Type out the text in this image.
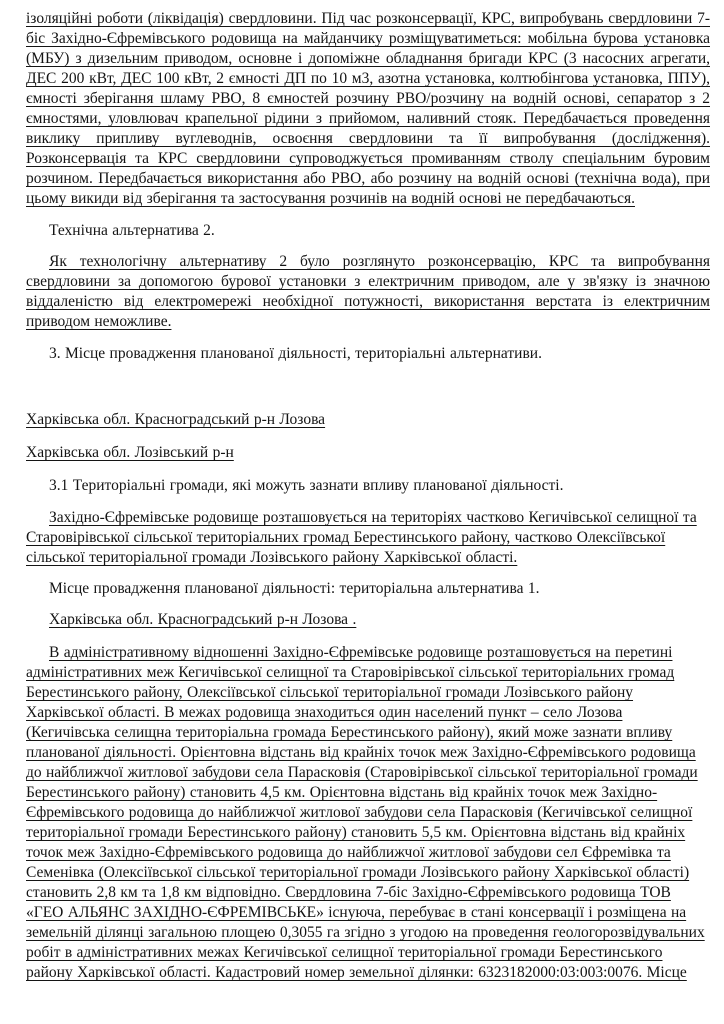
ізоляційні роботи (ліквідація) свердловини. Під час розконсервації, КРС, випробувань свердловини 7-біс Західно-Єфремівського родовища на майданчику розміщуватиметься: мобільна бурова установка (МБУ) з дизельним приводом, основне і допоміжне обладнання бригади КРС (3 насосних агрегати, ДЕС 200 кВт, ДЕС 100 кВт, 2 ємності ДП по 10 м3, азотна установка, колтюбінгова установка, ППУ), ємності зберігання шламу РВО, 8 ємностей розчину РВО/розчину на водній основі, сепаратор з 2 ємностями, уловлювач крапельної рідини з прийомом, наливний стояк. Передбачається проведення виклику припливу вуглеводнів, освоєння свердловини та її випробування (дослідження). Розконсервація та КРС свердловини супроводжується промиванням стволу спеціальним буровим розчином. Передбачається використання або РВО, або розчину на водній основі (технічна вода), при цьому викиди від зберігання та застосування розчинів на водній основі не передбачаються.

Технічна альтернатива 2.

Як технологічну альтернативу 2 було розглянуто розконсервацію, КРС та випробування свердловини за допомогою бурової установки з електричним приводом, але у зв'язку із значною віддаленістю від електромережі необхідної потужності, використання верстата із електричним приводом неможливе.

3. Місце провадження планованої діяльності, територіальні альтернативи.

Харківська обл. Красноградський р-н Лозова

Харківська обл. Лозівський р-н

3.1 Територіальні громади, які можуть зазнати впливу планованої діяльності.

Західно-Єфремівське родовище розташовується на територіях частково Кегичівської селищної та Старовірівської сільської територіальних громад Берестинського району, частково Олексіївської сільської територіальної громади Лозівського району Харківської області.

Місце провадження планованої діяльності: територіальна альтернатива 1.

Харківська обл. Красноградський р-н Лозова .

В адміністративному відношенні Західно-Єфремівське родовище розташовується на перетині адміністративних меж Кегичівської селищної та Старовірівської сільської територіальних громад Берестинського району, Олексіївської сільської територіальної громади Лозівського району Харківської області. В межах родовища знаходиться один населений пункт – село Лозова (Кегичівська селищна територіальна громада Берестинського району), який може зазнати впливу планованої діяльності. Орієнтовна відстань від крайніх точок меж Західно-Єфремівського родовища до найближчої житлової забудови села Парасковія (Старовірівської сільської територіальної громади Берестинського району) становить 4,5 км. Орієнтовна відстань від крайніх точок меж Західно-Єфремівського родовища до найближчої житлової забудови села Парасковія (Кегичівської селищної територіальної громади Берестинського району) становить 5,5 км. Орієнтовна відстань від крайніх точок меж Західно-Єфремівського родовища до найближчої житлової забудови сел Єфремівка та Семенівка (Олексіївської сільської територіальної громади Лозівського району Харківської області) становить 2,8 км та 1,8 км відповідно. Свердловина 7-біс Західно-Єфремівського родовища ТОВ «ГЕО АЛЬЯНС ЗАХІДНО-ЄФРЕМІВСЬКЕ» існуюча, перебуває в стані консервації і розміщена на земельній ділянці загальною площею 0,3055 га згідно з угодою на проведення геологорозвідувальних робіт в адміністративних межах Кегичівської селищної територіальної громади Берестинського району Харківської області. Кадастровий номер земельної ділянки: 6323182000:03:003:0076. Місце
